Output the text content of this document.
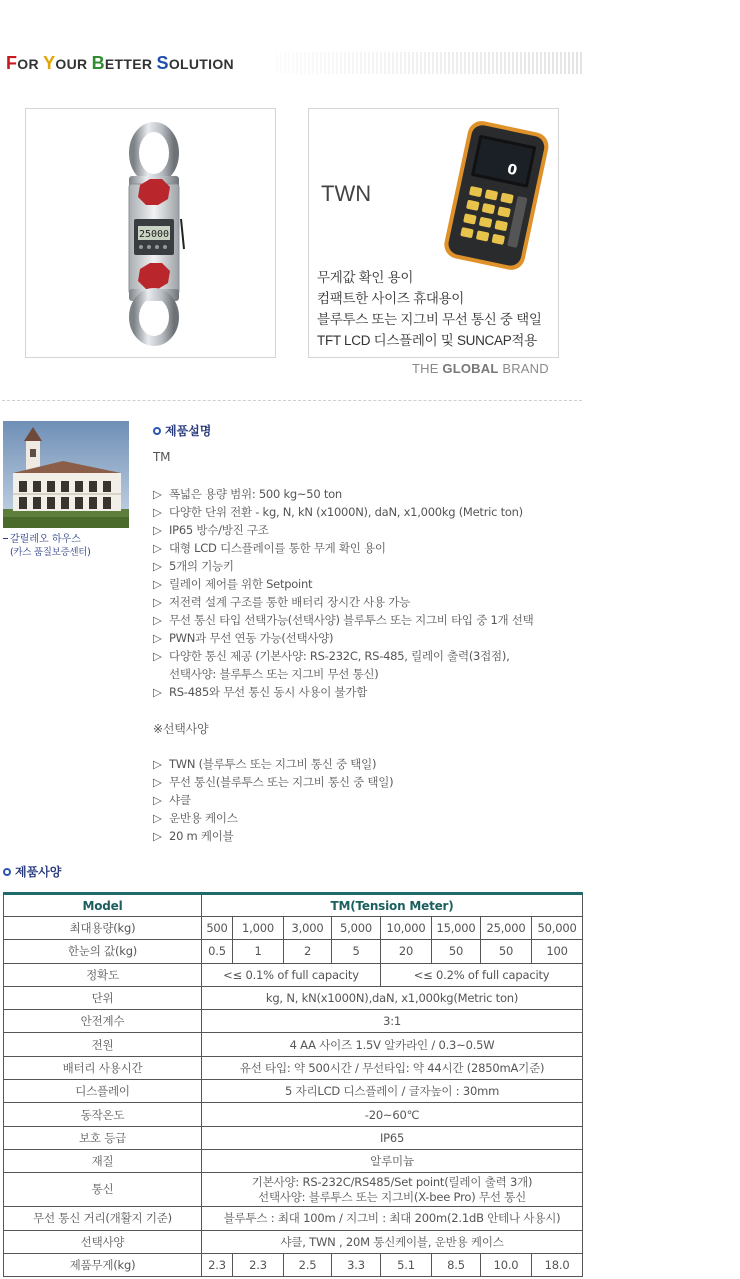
FOR YOUR BETTER SOLUTION
25000
TWN
0
무게값 확인 용이
컴팩트한 사이즈 휴대용이
블루투스 또는 지그비 무선 통신 중 택일
TFT LCD 디스플레이 및 SUNCAP적용
THE GLOBAL BRAND
갈릴레오 하우스
(카스 품질보증센터)
제품설명
TM
▷ 폭넓은 용량 범위: 500 kg~50 ton
▷ 다양한 단위 전환 - kg, N, kN (x1000N), daN, x1,000kg (Metric ton)
▷ IP65 방수/방진 구조
▷ 대형 LCD 디스플레이를 통한 무게 확인 용이
▷ 5개의 기능키
▷ 릴레이 제어를 위한 Setpoint
▷ 저전력 설계 구조를 통한 배터리 장시간 사용 가능
▷ 무선 통신 타입 선택가능(선택사양) 블루투스 또는 지그비 타입 중 1개 선택
▷ PWN과 무선 연동 가능(선택사양)
▷ 다양한 통신 제공 (기본사양: RS-232C, RS-485, 릴레이 출력(3접점),
선택사양: 블루투스 또는 지그비 무선 통신)
▷ RS-485와 무선 통신 동시 사용이 불가함
※선택사양
▷ TWN (블루투스 또는 지그비 통신 중 택일)
▷ 무선 통신(블루투스 또는 지그비 통신 중 택일)
▷ 샤클
▷ 운반용 케이스
▷ 20 m 케이블
제품사양
Model	TM(Tension Meter)							
최대용량(kg)	500	1,000	3,000	5,000	10,000	15,000	25,000	50,000
한눈의 값(kg)	0.5	1	2	5	20	50	50	100
정확도	<≤ 0.1% of full capacity				<≤ 0.2% of full capacity			
단위	kg, N, kN(x1000N),daN, x1,000kg(Metric ton)							
안전계수	3:1							
전원	4 AA 사이즈 1.5V 알카라인 / 0.3~0.5W							
배터리 사용시간	유선 타입: 약 500시간 / 무선타입: 약 44시간 (2850mA기준)							
디스플레이	5 자리LCD 디스플레이 / 글자높이 : 30mm							
동작온도	-20~60℃							
보호 등급	IP65							
재질	알루미늄							
통신	기본사양: RS-232C/RS485/Set point(릴레이 출력 3개)
선택사양: 블루투스 또는 지그비(X-bee Pro) 무선 통신							

무선 통신 거리(개활지 기준)	블루투스 : 최대 100m / 지그비 : 최대 200m(2.1dB 안테나 사용시)							
선택사양	샤클, TWN , 20M 통신케이블, 운반용 케이스							
제품무게(kg)	2.3	2.3	2.5	3.3	5.1	8.5	10.0	18.0
